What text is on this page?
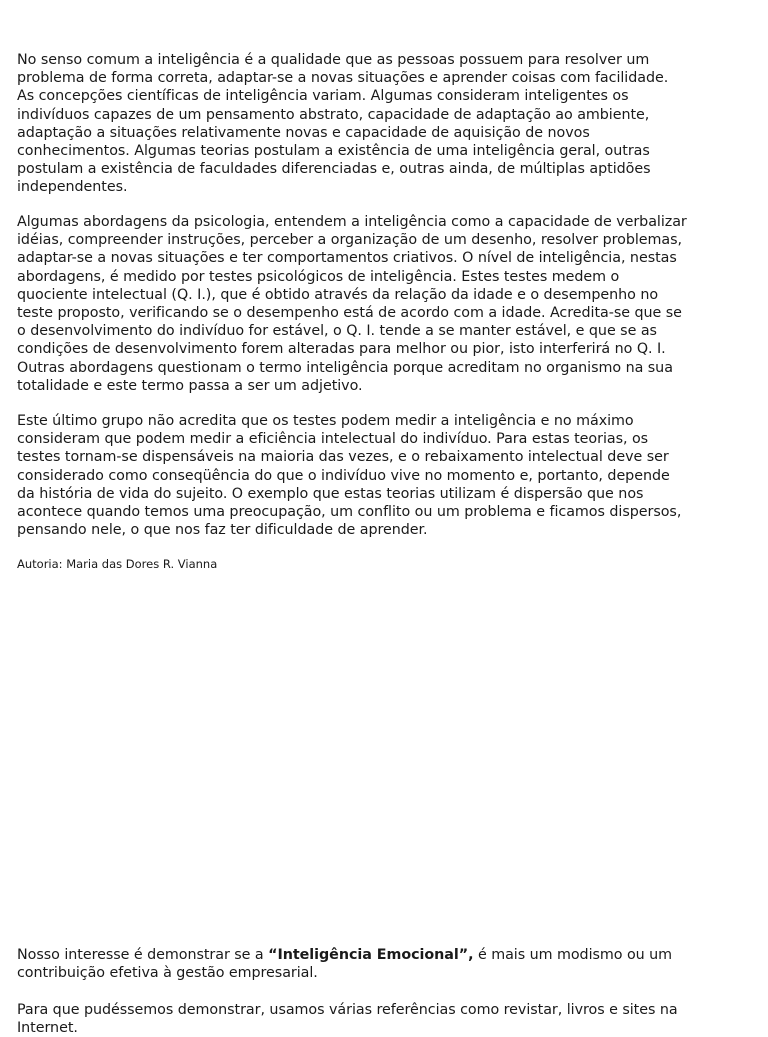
No senso comum a inteligência é a qualidade que as pessoas possuem para resolver um
problema de forma correta, adaptar-se a novas situações e aprender coisas com facilidade.
As concepções científicas de inteligência variam. Algumas consideram inteligentes os
indivíduos capazes de um pensamento abstrato, capacidade de adaptação ao ambiente,
adaptação a situações relativamente novas e capacidade de aquisição de novos
conhecimentos. Algumas teorias postulam a existência de uma inteligência geral, outras
postulam a existência de faculdades diferenciadas e, outras ainda, de múltiplas aptidões
independentes.

Algumas abordagens da psicologia, entendem a inteligência como a capacidade de verbalizar
idéias, compreender instruções, perceber a organização de um desenho, resolver problemas,
adaptar-se a novas situações e ter comportamentos criativos. O nível de inteligência, nestas
abordagens, é medido por testes psicológicos de inteligência. Estes testes medem o
quociente intelectual (Q. I.), que é obtido através da relação da idade e o desempenho no
teste proposto, verificando se o desempenho está de acordo com a idade. Acredita-se que se
o desenvolvimento do indivíduo for estável, o Q. I. tende a se manter estável, e que se as
condições de desenvolvimento forem alteradas para melhor ou pior, isto interferirá no Q. I.
Outras abordagens questionam o termo inteligência porque acreditam no organismo na sua
totalidade e este termo passa a ser um adjetivo.

Este último grupo não acredita que os testes podem medir a inteligência e no máximo
consideram que podem medir a eficiência intelectual do indivíduo. Para estas teorias, os
testes tornam-se dispensáveis na maioria das vezes, e o rebaixamento intelectual deve ser
considerado como conseqüência do que o indivíduo vive no momento e, portanto, depende
da história de vida do sujeito. O exemplo que estas teorias utilizam é dispersão que nos
acontece quando temos uma preocupação, um conflito ou um problema e ficamos dispersos,
pensando nele, o que nos faz ter dificuldade de aprender.

Autoria: Maria das Dores R. Vianna

Nosso interesse é demonstrar se a “Inteligência Emocional”, é mais um modismo ou um
contribuição efetiva à gestão empresarial.

Para que pudéssemos demonstrar, usamos várias referências como revistar, livros e sites na
Internet.
